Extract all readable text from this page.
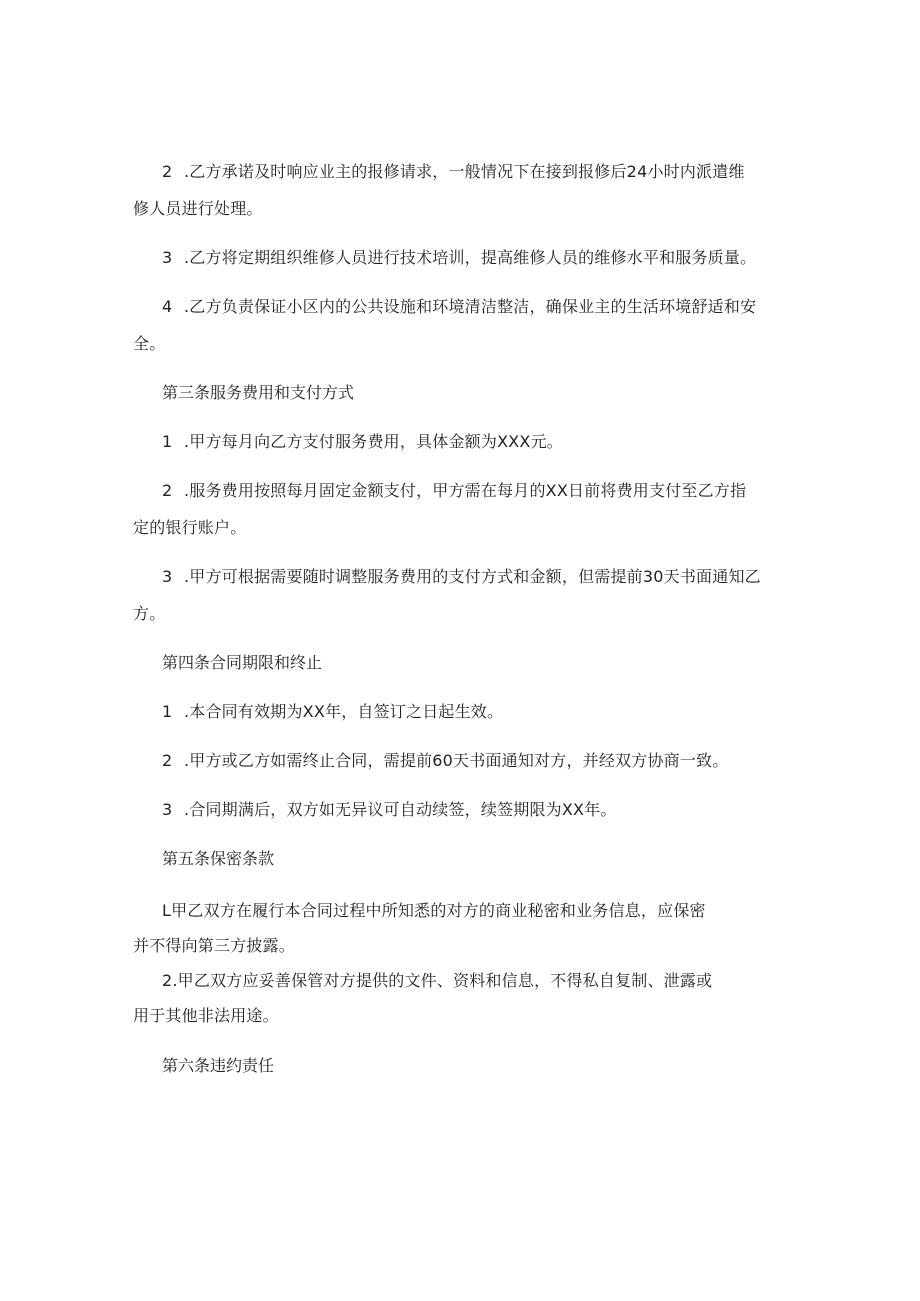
2 .乙方承诺及时响应业主的报修请求，一般情况下在接到报修后24小时内派遣维
修人员进行处理。
3 .乙方将定期组织维修人员进行技术培训，提高维修人员的维修水平和服务质量。
4 .乙方负责保证小区内的公共设施和环境清洁整洁，确保业主的生活环境舒适和安
全。
第三条服务费用和支付方式
1 .甲方每月向乙方支付服务费用，具体金额为XXX元。
2 .服务费用按照每月固定金额支付，甲方需在每月的XX日前将费用支付至乙方指
定的银行账户。
3 .甲方可根据需要随时调整服务费用的支付方式和金额，但需提前30天书面通知乙
方。
第四条合同期限和终止
1 .本合同有效期为XX年，自签订之日起生效。
2 .甲方或乙方如需终止合同，需提前60天书面通知对方，并经双方协商一致。
3 .合同期满后，双方如无异议可自动续签，续签期限为XX年。
第五条保密条款
L甲乙双方在履行本合同过程中所知悉的对方的商业秘密和业务信息，应保密
并不得向第三方披露。
2.甲乙双方应妥善保管对方提供的文件、资料和信息，不得私自复制、泄露或
用于其他非法用途。
第六条违约责任
